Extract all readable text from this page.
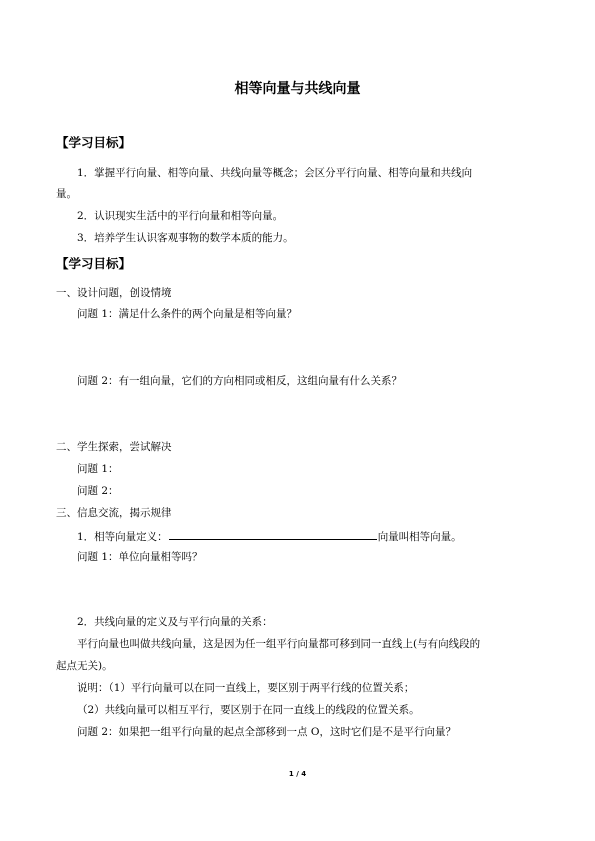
相等向量与共线向量
【学习目标】
1．掌握平行向量、相等向量、共线向量等概念；会区分平行向量、相等向量和共线向
量。
2．认识现实生活中的平行向量和相等向量。
3．培养学生认识客观事物的数学本质的能力。
【学习目标】
一、设计问题，创设情境
问题 1：满足什么条件的两个向量是相等向量？
问题 2：有一组向量，它们的方向相同或相反，这组向量有什么关系？
二、学生探索，尝试解决
问题 1：
问题 2：
三、信息交流，揭示规律
1．相等向量定义：	向量叫相等向量。
问题 1：单位向量相等吗？
2．共线向量的定义及与平行向量的关系：
平行向量也叫做共线向量，这是因为任一组平行向量都可移到同一直线上(与有向线段的
起点无关)。
说明：（1）平行向量可以在同一直线上，要区别于两平行线的位置关系；
（2）共线向量可以相互平行，要区别于在同一直线上的线段的位置关系。
问题 2：如果把一组平行向量的起点全部移到一点 O，这时它们是不是平行向量？
1 / 4
